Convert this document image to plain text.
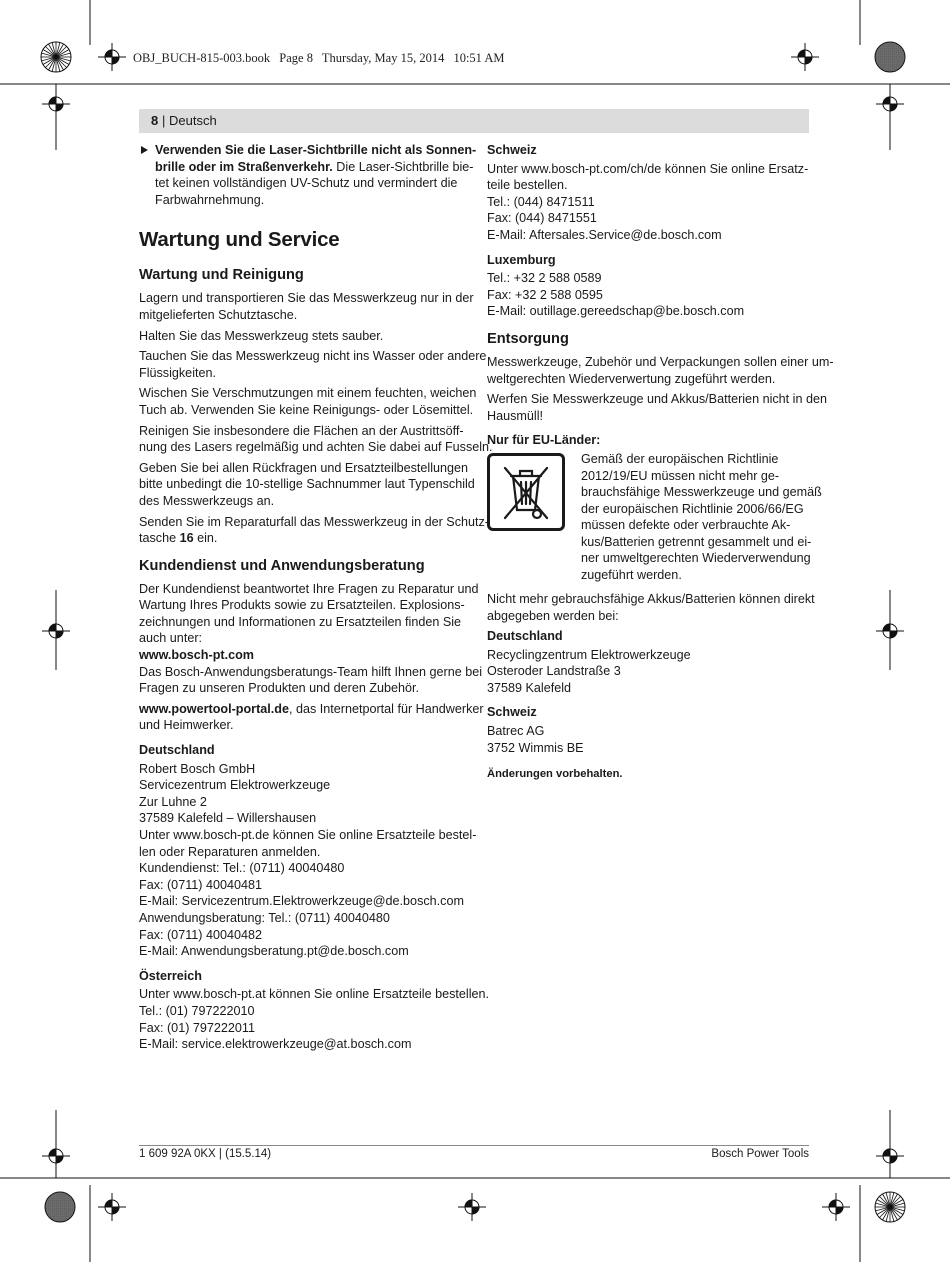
OBJ_BUCH-815-003.book Page 8 Thursday, May 15, 2014 10:51 AM
8 | Deutsch
Verwenden Sie die Laser-Sichtbrille nicht als Sonnen-
brille oder im Straßenverkehr. Die Laser-Sichtbrille bie-
tet keinen vollständigen UV-Schutz und vermindert die
Farbwahrnehmung.
Wartung und Service
Wartung und Reinigung

Lagern und transportieren Sie das Messwerkzeug nur in der
mitgelieferten Schutztasche.

Halten Sie das Messwerkzeug stets sauber.

Tauchen Sie das Messwerkzeug nicht ins Wasser oder andere
Flüssigkeiten.

Wischen Sie Verschmutzungen mit einem feuchten, weichen
Tuch ab. Verwenden Sie keine Reinigungs- oder Lösemittel.

Reinigen Sie insbesondere die Flächen an der Austrittsöff-
nung des Lasers regelmäßig und achten Sie dabei auf Fusseln.

Geben Sie bei allen Rückfragen und Ersatzteilbestellungen
bitte unbedingt die 10-stellige Sachnummer laut Typenschild
des Messwerkzeugs an.

Senden Sie im Reparaturfall das Messwerkzeug in der Schutz-
tasche 16 ein.

Kundendienst und Anwendungsberatung

Der Kundendienst beantwortet Ihre Fragen zu Reparatur und
Wartung Ihres Produkts sowie zu Ersatzteilen. Explosions-
zeichnungen und Informationen zu Ersatzteilen finden Sie
auch unter:
www.bosch-pt.com
Das Bosch-Anwendungsberatungs-Team hilft Ihnen gerne bei
Fragen zu unseren Produkten und deren Zubehör.

www.powertool-portal.de, das Internetportal für Handwerker
und Heimwerker.

Deutschland
Robert Bosch GmbH
Servicezentrum Elektrowerkzeuge
Zur Luhne 2
37589 Kalefeld – Willershausen
Unter www.bosch-pt.de können Sie online Ersatzteile bestel-
len oder Reparaturen anmelden.
Kundendienst: Tel.: (0711) 40040480
Fax: (0711) 40040481
E-Mail: Servicezentrum.Elektrowerkzeuge@de.bosch.com
Anwendungsberatung: Tel.: (0711) 40040480
Fax: (0711) 40040482
E-Mail: Anwendungsberatung.pt@de.bosch.com
Österreich
Unter www.bosch-pt.at können Sie online Ersatzteile bestellen.
Tel.: (01) 797222010
Fax: (01) 797222011
E-Mail: service.elektrowerkzeuge@at.bosch.com
Schweiz
Unter www.bosch-pt.com/ch/de können Sie online Ersatz-
teile bestellen.
Tel.: (044) 8471511
Fax: (044) 8471551
E-Mail: Aftersales.Service@de.bosch.com
Luxemburg
Tel.: +32 2 588 0589
Fax: +32 2 588 0595
E-Mail: outillage.gereedschap@be.bosch.com
Entsorgung

Messwerkzeuge, Zubehör und Verpackungen sollen einer um-
weltgerechten Wiederverwertung zugeführt werden.

Werfen Sie Messwerkzeuge und Akkus/Batterien nicht in den
Hausmüll!

Nur für EU-Länder:
Gemäß der europäischen Richtlinie
2012/19/EU müssen nicht mehr ge-
brauchsfähige Messwerkzeuge und gemäß
der europäischen Richtlinie 2006/66/EG
müssen defekte oder verbrauchte Ak-
kus/Batterien getrennt gesammelt und ei-
ner umweltgerechten Wiederverwendung
zugeführt werden.

Nicht mehr gebrauchsfähige Akkus/Batterien können direkt
abgegeben werden bei:

Deutschland
Recyclingzentrum Elektrowerkzeuge
Osteroder Landstraße 3
37589 Kalefeld
Schweiz
Batrec AG
3752 Wimmis BE
Änderungen vorbehalten.
1 609 92A 0KX | (15.5.14)	Bosch Power Tools
